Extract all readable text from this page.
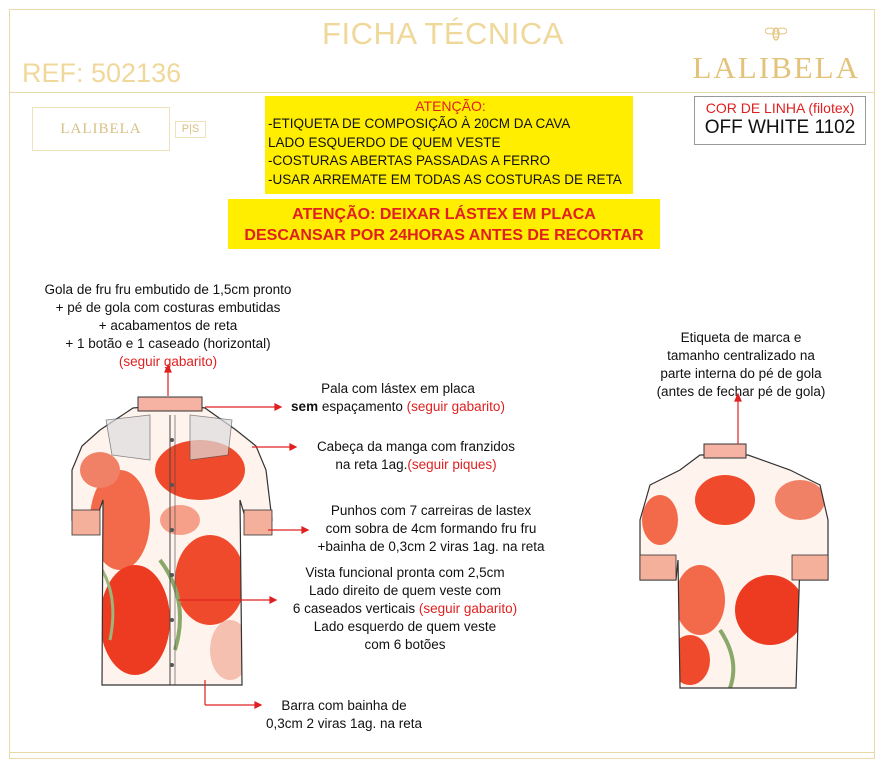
FICHA TÉCNICA
REF: 502136	LALIBELA
LALIBELA	P|S
ATENÇÃO:
-ETIQUETA DE COMPOSIÇÃO À 20CM DA CAVA
LADO ESQUERDO DE QUEM VESTE
-COSTURAS ABERTAS PASSADAS A FERRO
-USAR ARREMATE EM TODAS AS COSTURAS DE RETA
ATENÇÃO: DEIXAR LÁSTEX EM PLACA
DESCANSAR POR 24HORAS ANTES DE RECORTAR
COR DE LINHA (filotex)
OFF WHITE 1102
Gola de fru fru embutido de 1,5cm pronto
+ pé de gola com costuras embutidas
+ acabamentos de reta
+ 1 botão e 1 caseado (horizontal)
(seguir gabarito)
Pala com lástex em placa
sem espaçamento (seguir gabarito)
Cabeça da manga com franzidos
na reta 1ag.(seguir piques)
Punhos com 7 carreiras de lastex
com sobra de 4cm formando fru fru
+bainha de 0,3cm 2 viras 1ag. na reta
Vista funcional pronta com 2,5cm
Lado direito de quem veste com
6 caseados verticais (seguir gabarito)
Lado esquerdo de quem veste
com 6 botões
Barra com bainha de
0,3cm 2 viras 1ag. na reta
Etiqueta de marca e
tamanho centralizado na
parte interna do pé de gola
(antes de fechar pé de gola)
